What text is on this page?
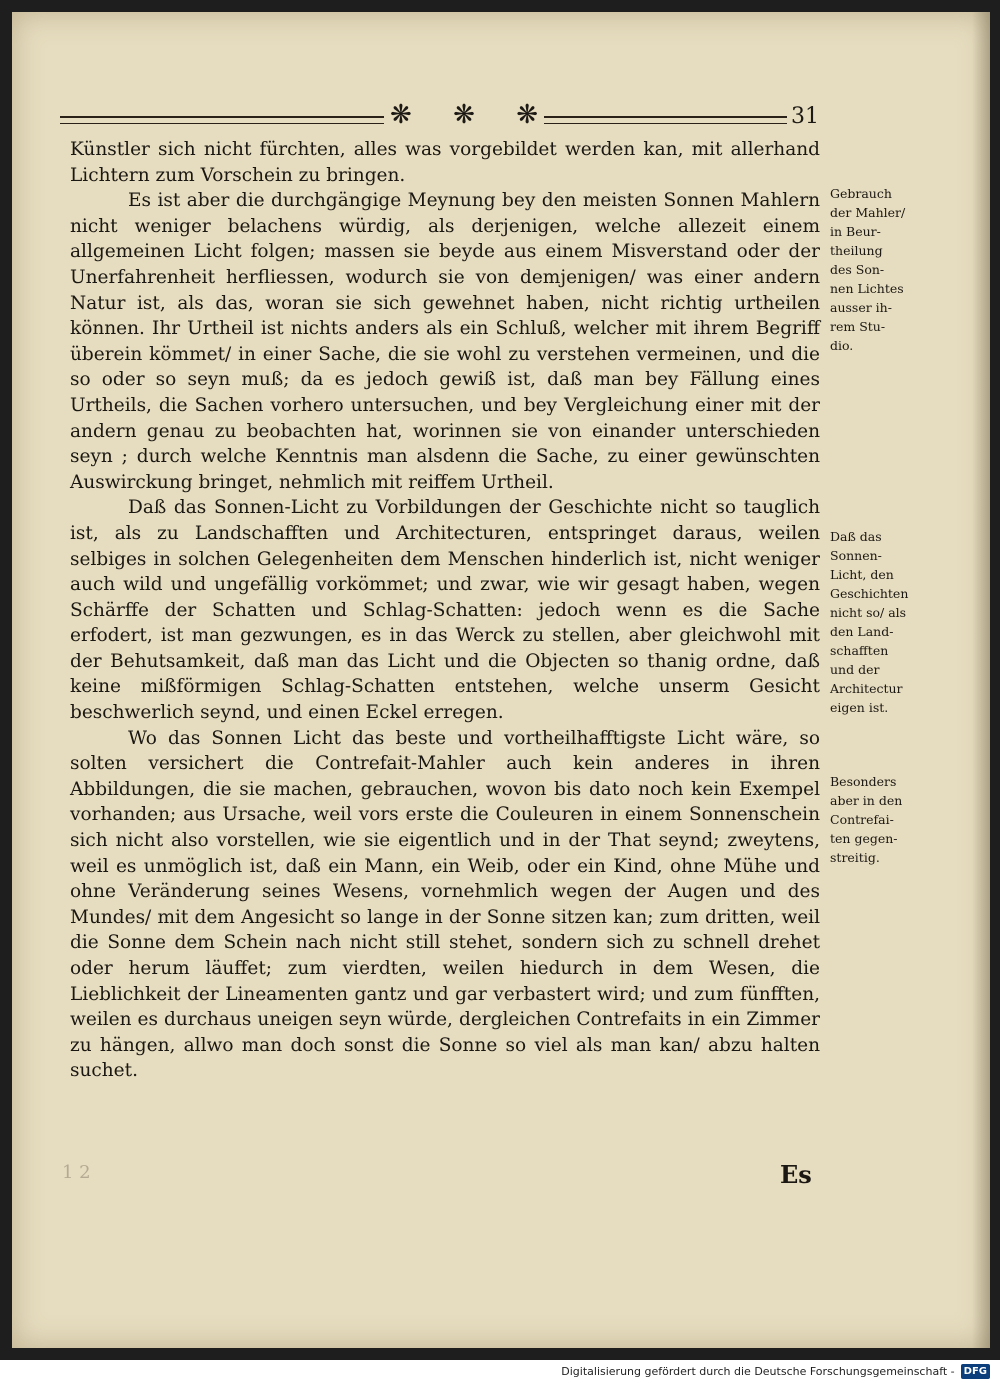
❋ ❋ ❋	31

Künstler sich nicht fürchten, alles was vorgebildet werden kan, mit allerhand Lichtern zum Vorschein zu bringen.

Es ist aber die durchgängige Meynung bey den meisten Sonnen Mahlern nicht weniger belachens würdig, als derjenigen, welche allezeit einem allgemeinen Licht folgen; massen sie beyde aus einem Misverstand oder der Unerfahrenheit herfliessen, wodurch sie von demjenigen/ was einer andern Natur ist, als das, woran sie sich gewehnet haben, nicht richtig urtheilen können. Ihr Urtheil ist nichts anders als ein Schluß, welcher mit ihrem Begriff überein kömmet/ in einer Sache, die sie wohl zu verstehen vermeinen, und die so oder so seyn muß; da es jedoch gewiß ist, daß man bey Fällung eines Urtheils, die Sachen vorhero untersuchen, und bey Vergleichung einer mit der andern genau zu beobachten hat, worinnen sie von einander unterschieden seyn ; durch welche Kenntnis man alsdenn die Sache, zu einer gewünschten Auswirckung bringet, nehmlich mit reiffem Urtheil.

Daß das Sonnen-Licht zu Vorbildungen der Geschichte nicht so tauglich ist, als zu Landschafften und Architecturen, entspringet daraus, weilen selbiges in solchen Gelegenheiten dem Menschen hinderlich ist, nicht weniger auch wild und ungefällig vorkömmet; und zwar, wie wir gesagt haben, wegen Schärffe der Schatten und Schlag-Schatten: jedoch wenn es die Sache erfodert, ist man gezwungen, es in das Werck zu stellen, aber gleichwohl mit der Behutsamkeit, daß man das Licht und die Objecten so thanig ordne, daß keine mißförmigen Schlag-Schatten entstehen, welche unserm Gesicht beschwerlich seynd, und einen Eckel erregen.

Wo das Sonnen Licht das beste und vortheilhafftigste Licht wäre, so solten versichert die Contrefait-Mahler auch kein anderes in ihren Abbildungen, die sie machen, gebrauchen, wovon bis dato noch kein Exempel vorhanden; aus Ursache, weil vors erste die Couleuren in einem Sonnenschein sich nicht also vorstellen, wie sie eigentlich und in der That seynd; zweytens, weil es unmöglich ist, daß ein Mann, ein Weib, oder ein Kind, ohne Mühe und ohne Veränderung seines Wesens, vornehmlich wegen der Augen und des Mundes/ mit dem Angesicht so lange in der Sonne sitzen kan; zum dritten, weil die Sonne dem Schein nach nicht still stehet, sondern sich zu schnell drehet oder herum läuffet; zum vierdten, weilen hiedurch in dem Wesen, die Lieblichkeit der Lineamenten gantz und gar verbastert wird; und zum fünfften, weilen es durchaus uneigen seyn würde, dergleichen Contrefaits in ein Zimmer zu hängen, allwo man doch sonst die Sonne so viel als man kan/ abzu halten suchet.

Gebrauch
der Mahler/
in Beur-
theilung
des Son-
nen Lichtes
ausser ih-
rem Stu-
dio.
Daß das
Sonnen-
Licht, den
Geschichten
nicht so/ als
den Land-
schafften
und der
Architectur
eigen ist.
Besonders
aber in den
Contrefai-
ten gegen-
streitig.
1 2	Es
Digitalisierung gefördert durch die Deutsche Forschungsgemeinschaft - DFG
